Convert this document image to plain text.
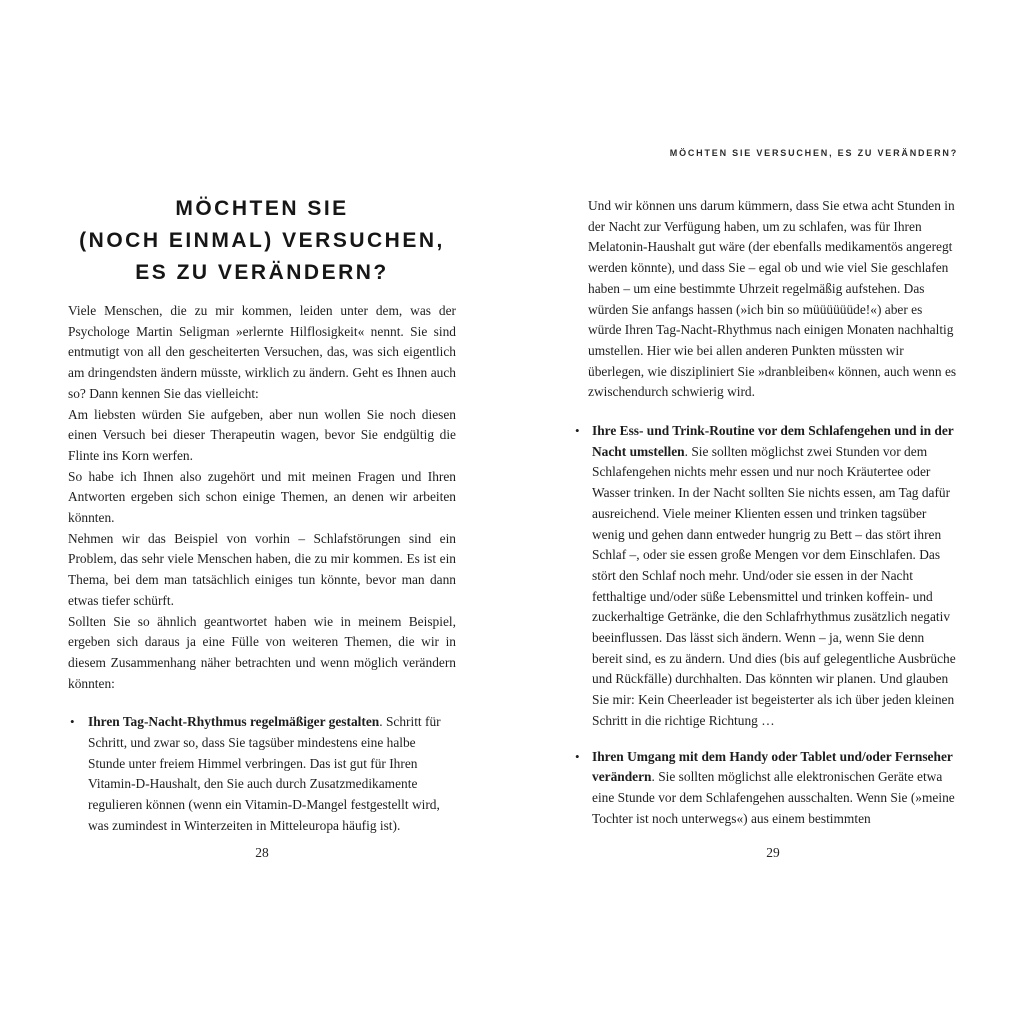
MÖCHTEN SIE
(NOCH EINMAL) VERSUCHEN,
ES ZU VERÄNDERN?

Viele Menschen, die zu mir kommen, leiden unter dem, was der Psychologe Martin Seligman »erlernte Hilflosigkeit« nennt. Sie sind entmutigt von all den gescheiterten Versuchen, das, was sich eigentlich am dringendsten ändern müsste, wirklich zu ändern. Geht es Ihnen auch so? Dann kennen Sie das vielleicht:

Am liebsten würden Sie aufgeben, aber nun wollen Sie noch diesen einen Versuch bei dieser Therapeutin wagen, bevor Sie endgültig die Flinte ins Korn werfen.

So habe ich Ihnen also zugehört und mit meinen Fragen und Ihren Antworten ergeben sich schon einige Themen, an denen wir arbeiten könnten.

Nehmen wir das Beispiel von vorhin – Schlafstörungen sind ein Problem, das sehr viele Menschen haben, die zu mir kommen. Es ist ein Thema, bei dem man tatsächlich einiges tun könnte, bevor man dann etwas tiefer schürft.

Sollten Sie so ähnlich geantwortet haben wie in meinem Beispiel, ergeben sich daraus ja eine Fülle von weiteren Themen, die wir in diesem Zusammenhang näher betrachten und wenn möglich verändern könnten:

• Ihren Tag-Nacht-Rhythmus regelmäßiger gestalten. Schritt für Schritt, und zwar so, dass Sie tagsüber mindestens eine halbe Stunde unter freiem Himmel verbringen. Das ist gut für Ihren Vitamin-D-Haushalt, den Sie auch durch Zusatzmedikamente regulieren können (wenn ein Vitamin-D-Mangel festgestellt wird, was zumindest in Winterzeiten in Mitteleuropa häufig ist).
28
MÖCHTEN SIE VERSUCHEN, ES ZU VERÄNDERN?

Und wir können uns darum kümmern, dass Sie etwa acht Stunden in der Nacht zur Verfügung haben, um zu schlafen, was für Ihren Melatonin-Haushalt gut wäre (der ebenfalls medikamentös angeregt werden könnte), und dass Sie – egal ob und wie viel Sie geschlafen haben – um eine bestimmte Uhrzeit regelmäßig aufstehen. Das würden Sie anfangs hassen (»ich bin so müüüüüüde!«) aber es würde Ihren Tag-Nacht-Rhythmus nach einigen Monaten nachhaltig umstellen. Hier wie bei allen anderen Punkten müssten wir überlegen, wie diszipliniert Sie »dranbleiben« können, auch wenn es zwischendurch schwierig wird.

• Ihre Ess- und Trink-Routine vor dem Schlafengehen und in der Nacht umstellen. Sie sollten möglichst zwei Stunden vor dem Schlafengehen nichts mehr essen und nur noch Kräutertee oder Wasser trinken. In der Nacht sollten Sie nichts essen, am Tag dafür ausreichend. Viele meiner Klienten essen und trinken tagsüber wenig und gehen dann entweder hungrig zu Bett – das stört ihren Schlaf –, oder sie essen große Mengen vor dem Einschlafen. Das stört den Schlaf noch mehr. Und/oder sie essen in der Nacht fetthaltige und/oder süße Lebensmittel und trinken koffein- und zuckerhaltige Getränke, die den Schlafrhythmus zusätzlich negativ beeinflussen. Das lässt sich ändern. Wenn – ja, wenn Sie denn bereit sind, es zu ändern. Und dies (bis auf gelegentliche Ausbrüche und Rückfälle) durchhalten. Das könnten wir planen. Und glauben Sie mir: Kein Cheerleader ist begeisterter als ich über jeden kleinen Schritt in die richtige Richtung …
• Ihren Umgang mit dem Handy oder Tablet und/oder Fernseher verändern. Sie sollten möglichst alle elektronischen Geräte etwa eine Stunde vor dem Schlafengehen ausschalten. Wenn Sie (»meine Tochter ist noch unterwegs«) aus einem bestimmten
29
